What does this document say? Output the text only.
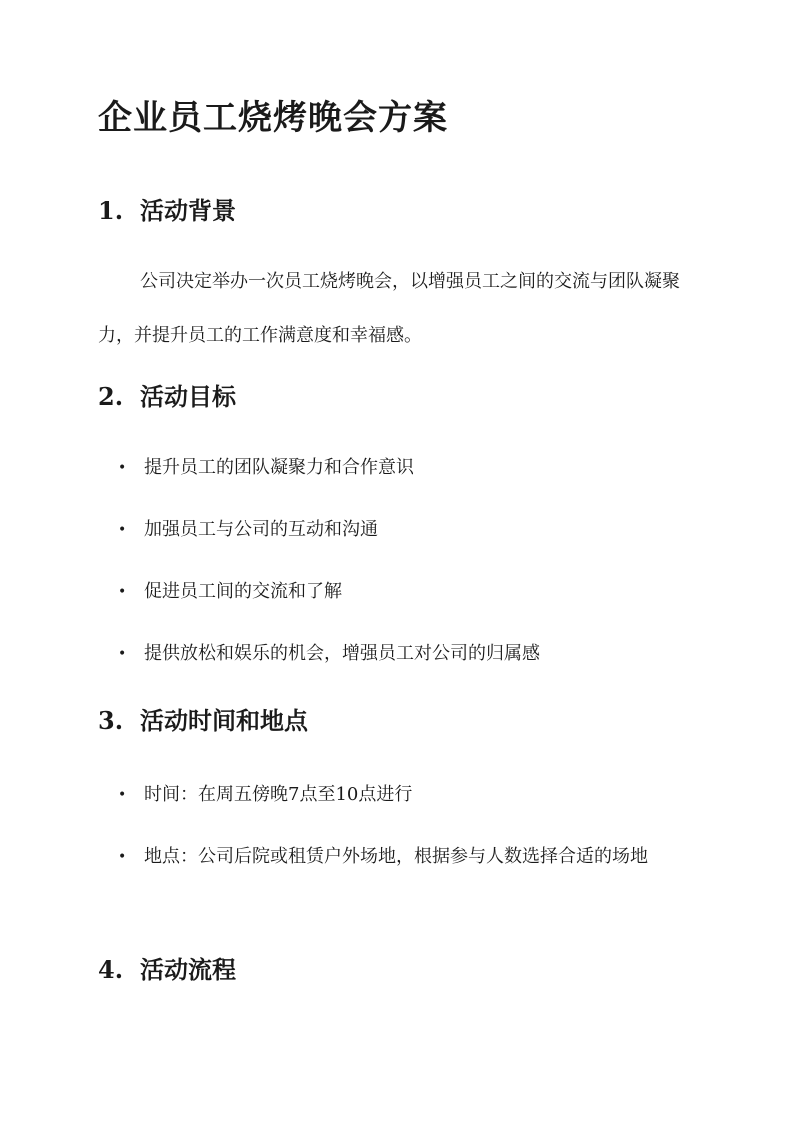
企业员工烧烤晚会方案
1. 活动背景

公司决定举办一次员工烧烤晚会，以增强员工之间的交流与团队凝聚力，并提升员工的工作满意度和幸福感。

2. 活动目标
• 提升员工的团队凝聚力和合作意识
• 加强员工与公司的互动和沟通
• 促进员工间的交流和了解
• 提供放松和娱乐的机会，增强员工对公司的归属感
3. 活动时间和地点
• 时间：在周五傍晚7点至10点进行
• 地点：公司后院或租赁户外场地，根据参与人数选择合适的场地
4. 活动流程
